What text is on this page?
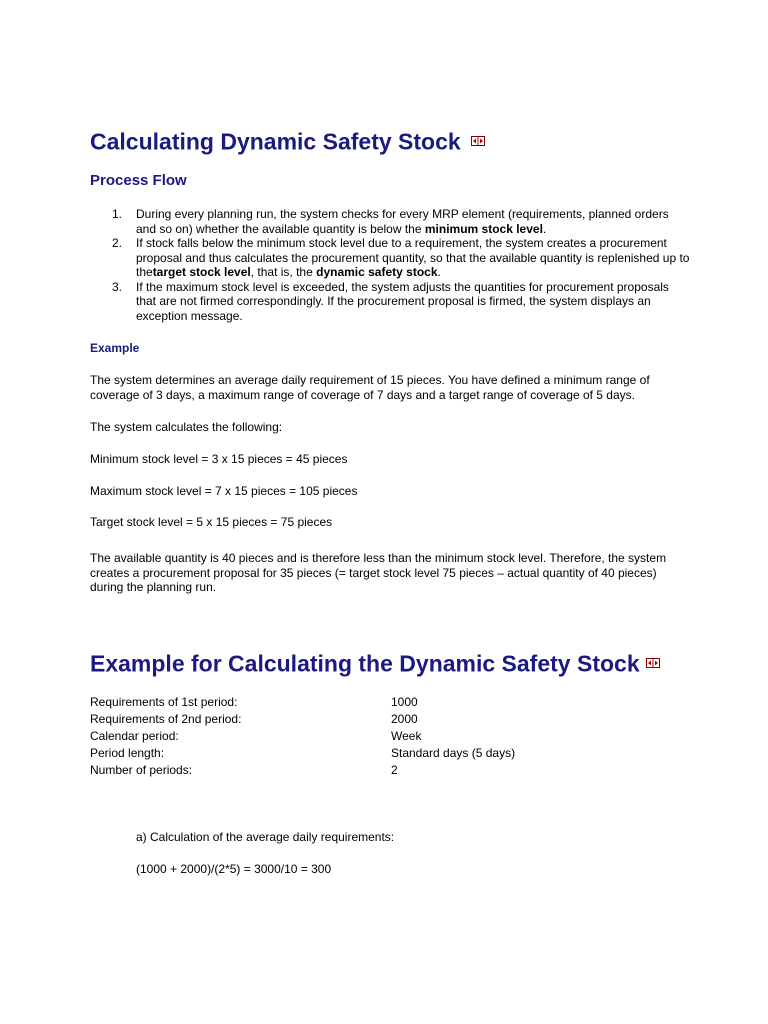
Calculating Dynamic Safety Stock
Process Flow
1. During every planning run, the system checks for every MRP element (requirements, planned orders and so on) whether the available quantity is below the minimum stock level.
2. If stock falls below the minimum stock level due to a requirement, the system creates a procurement proposal and thus calculates the procurement quantity, so that the available quantity is replenished up to thetarget stock level, that is, the dynamic safety stock.
3. If the maximum stock level is exceeded, the system adjusts the quantities for procurement proposals that are not firmed correspondingly. If the procurement proposal is firmed, the system displays an exception message.
Example

The system determines an average daily requirement of 15 pieces. You have defined a minimum range of coverage of 3 days, a maximum range of coverage of 7 days and a target range of coverage of 5 days.

The system calculates the following:

Minimum stock level = 3 x 15 pieces = 45 pieces

Maximum stock level = 7 x 15 pieces = 105 pieces

Target stock level = 5 x 15 pieces = 75 pieces

The available quantity is 40 pieces and is therefore less than the minimum stock level. Therefore, the system creates a procurement proposal for 35 pieces (= target stock level 75 pieces – actual quantity of 40 pieces) during the planning run.

Example for Calculating the Dynamic Safety Stock
Requirements of 1st period:	1000
Requirements of 2nd period:	2000
Calendar period:	Week
Period length:	Standard days (5 days)
Number of periods:	2

a) Calculation of the average daily requirements:

(1000 + 2000)/(2*5) = 3000/10 = 300
